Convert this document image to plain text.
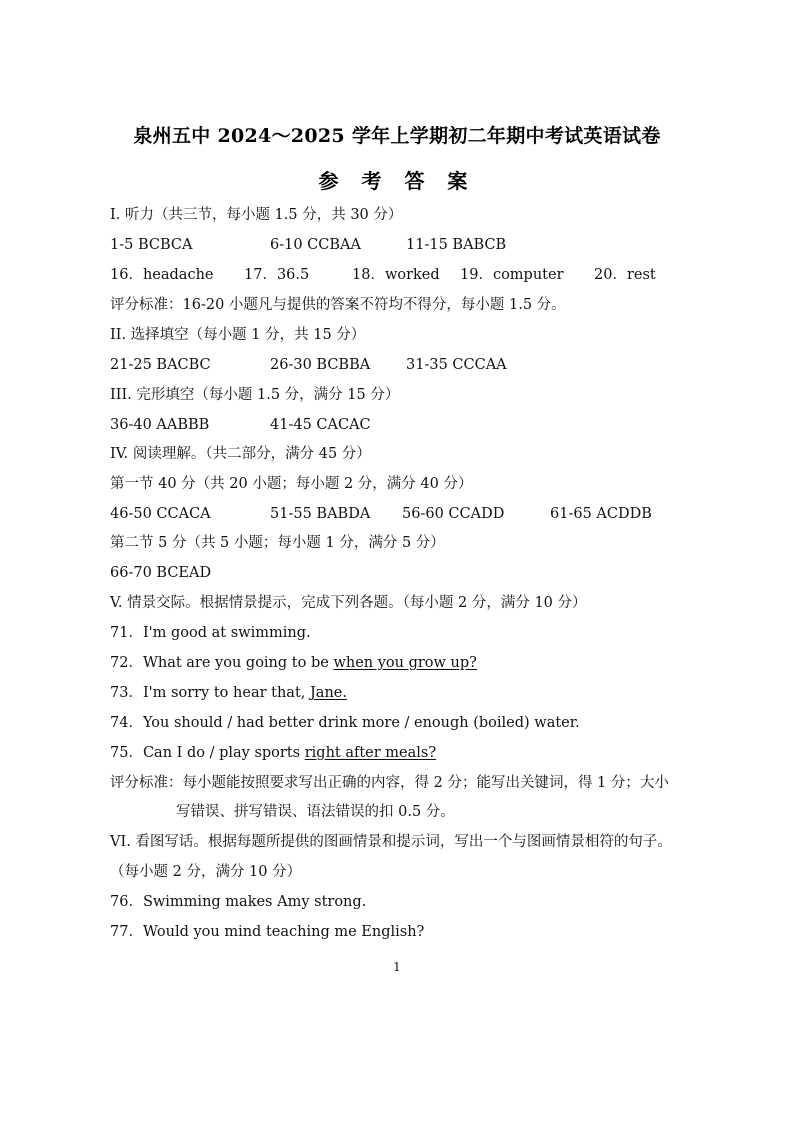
泉州五中 2024～2025 学年上学期初二年期中考试英语试卷
参 考 答 案
I. 听力（共三节，每小题 1.5 分，共 30 分）
1-5 BCBCA	6-10 CCBAA	11-15 BABCB
16．headache 17．36.5	18．worked 19．computer 20．rest
评分标准：16-20 小题凡与提供的答案不符均不得分，每小题 1.5 分。
II. 选择填空（每小题 1 分，共 15 分）
21-25 BACBC	26-30 BCBBA 31-35 CCCAA
III. 完形填空（每小题 1.5 分，满分 15 分）
36-40 AABBB	41-45 CACAC
IV. 阅读理解。（共二部分，满分 45 分）
第一节 40 分（共 20 小题；每小题 2 分，满分 40 分）
46-50 CCACA	51-55 BABDA 56-60 CCADD	61-65 ACDDB
第二节 5 分（共 5 小题；每小题 1 分，满分 5 分）
66-70 BCEAD
V. 情景交际。根据情景提示，完成下列各题。（每小题 2 分，满分 10 分）
71．I'm good at swimming.
72．What are you going to be when you grow up?
73．I'm sorry to hear that, Jane.
74．You should / had better drink more / enough (boiled) water.
75．Can I do / play sports right after meals?
评分标准：每小题能按照要求写出正确的内容，得 2 分；能写出关键词，得 1 分；大小
写错误、拼写错误、语法错误的扣 0.5 分。
VI. 看图写话。根据每题所提供的图画情景和提示词，写出一个与图画情景相符的句子。
（每小题 2 分，满分 10 分）
76．Swimming makes Amy strong.
77．Would you mind teaching me English?
1
